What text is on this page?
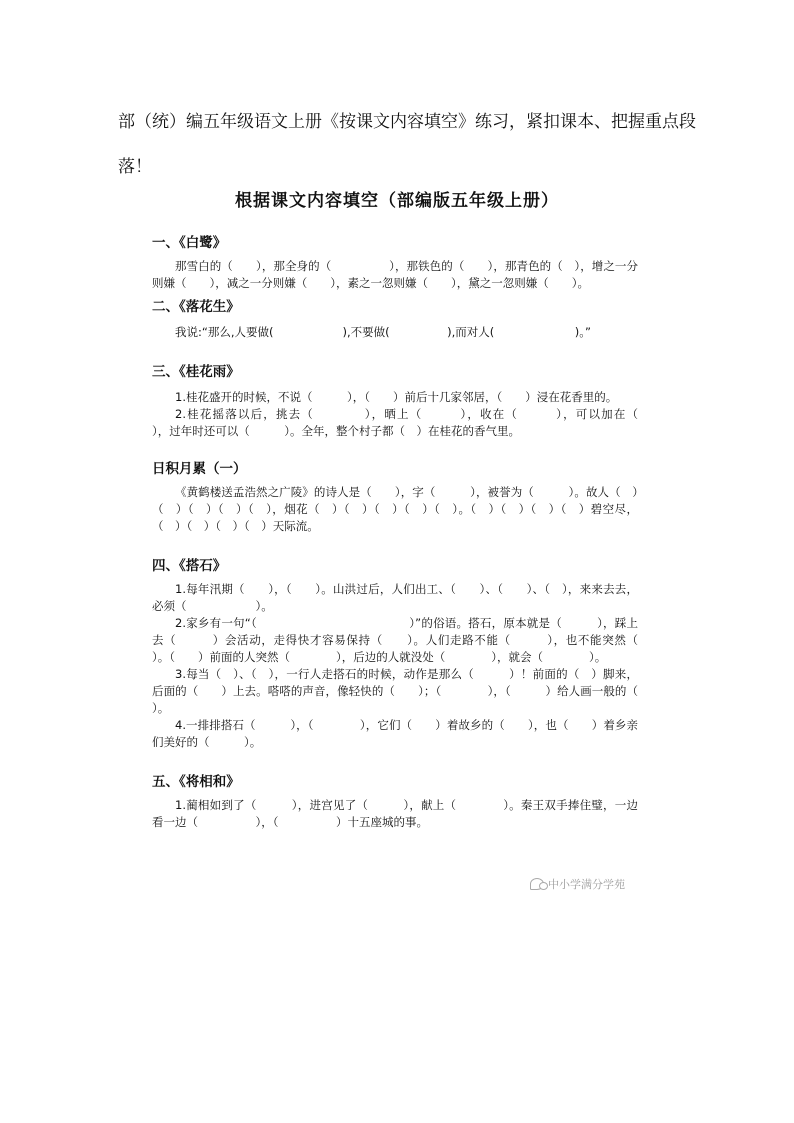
部（统）编五年级语文上册《按课文内容填空》练习，紧扣课本、把握重点段落！
根据课文内容填空（部编版五年级上册）

一、《白鹭》

那雪白的（　　），那全身的（　　　　　），那铁色的（　　），那青色的（　），增之一分则嫌（　　），减之一分则嫌（　　），素之一忽则嫌（　　），黛之一忽则嫌（　　）。

二、《落花生》

我说:“那么,人要做(　　　　　　),不要做(　　　　　),而对人(　　　　　　　)。”

三、《桂花雨》

1.桂花盛开的时候，不说（　　　），（　　）前后十几家邻居，（　　）浸在花香里的。

2.桂花摇落以后，挑去（　　　　），晒上（　　　），收在（　　　），可以加在（　　　　），过年时还可以（　　　）。全年，整个村子都（　）在桂花的香气里。

日积月累（一）

《黄鹤楼送孟浩然之广陵》的诗人是（　　），字（　　　），被誉为（　　　）。故人（　）（　）（　）（　）（　），烟花（　）（　）（　）（　）（　）。（　）（　）（　）（　）碧空尽，（　）（　）（　）（　）天际流。

四、《搭石》

1.每年汛期（　　），（　　）。山洪过后，人们出工、（　　）、（　　）、（　），来来去去，必须（　　　　　　）。

2.家乡有一句“（　　　　　　　　　　　　　）”的俗语。搭石，原本就是（　　　），踩上去（　　　）会活动，走得快才容易保持（　　）。人们走路不能（　　　），也不能突然（　　　）。（　　）前面的人突然（　　　　），后边的人就没处（　　　　），就会（　　　　）。

3.每当（　）、（　），一行人走搭石的时候，动作是那么（　　　）！前面的（　）脚来，后面的（　　）上去。嗒嗒的声音，像轻快的（　　）；（　　　　），（　　　）给人画一般的（　　）。

4.一排排搭石（　　　），（　　　　），它们（　　）着故乡的（　　），也（　　）着乡亲们美好的（　　　）。

五、《将相和》

1.蔺相如到了（　　　），进宫见了（　　　），献上（　　　　）。秦王双手捧住璧，一边看一边（　　　　　），（　　　　　）十五座城的事。

中小学满分学苑
